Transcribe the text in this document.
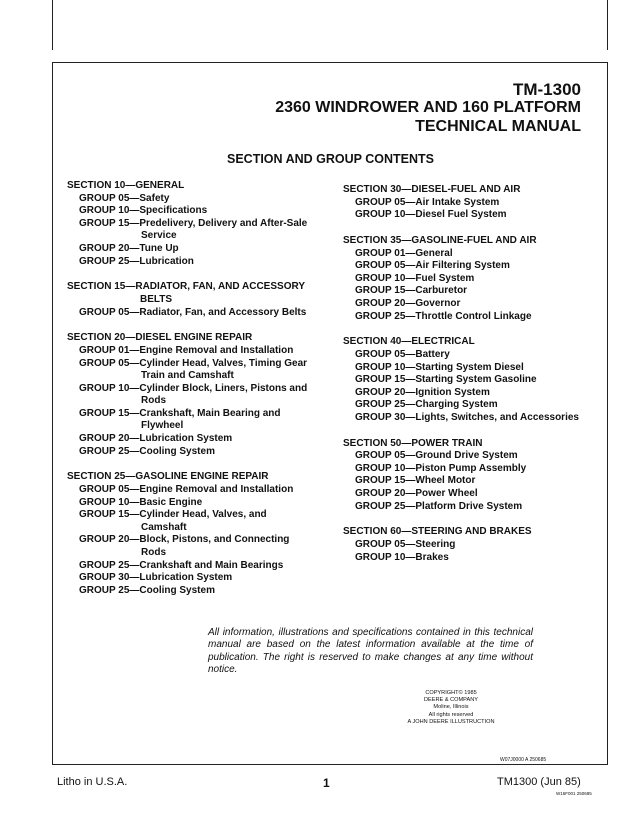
TM-1300
2360 WINDROWER AND 160 PLATFORM
TECHNICAL MANUAL
SECTION AND GROUP CONTENTS
SECTION 10—GENERAL
GROUP 05—Safety
GROUP 10—Specifications
GROUP 15—Predelivery, Delivery and After-Sale
Service
GROUP 20—Tune Up
GROUP 25—Lubrication
SECTION 15—RADIATOR, FAN, AND ACCESSORY
BELTS
GROUP 05—Radiator, Fan, and Accessory Belts
SECTION 20—DIESEL ENGINE REPAIR
GROUP 01—Engine Removal and Installation
GROUP 05—Cylinder Head, Valves, Timing Gear
Train and Camshaft
GROUP 10—Cylinder Block, Liners, Pistons and
Rods
GROUP 15—Crankshaft, Main Bearing and
Flywheel
GROUP 20—Lubrication System
GROUP 25—Cooling System
SECTION 25—GASOLINE ENGINE REPAIR
GROUP 05—Engine Removal and Installation
GROUP 10—Basic Engine
GROUP 15—Cylinder Head, Valves, and
Camshaft
GROUP 20—Block, Pistons, and Connecting
Rods
GROUP 25—Crankshaft and Main Bearings
GROUP 30—Lubrication System
GROUP 25—Cooling System
SECTION 30—DIESEL-FUEL AND AIR
GROUP 05—Air Intake System
GROUP 10—Diesel Fuel System
SECTION 35—GASOLINE-FUEL AND AIR
GROUP 01—General
GROUP 05—Air Filtering System
GROUP 10—Fuel System
GROUP 15—Carburetor
GROUP 20—Governor
GROUP 25—Throttle Control Linkage
SECTION 40—ELECTRICAL
GROUP 05—Battery
GROUP 10—Starting System Diesel
GROUP 15—Starting System Gasoline
GROUP 20—Ignition System
GROUP 25—Charging System
GROUP 30—Lights, Switches, and Accessories
SECTION 50—POWER TRAIN
GROUP 05—Ground Drive System
GROUP 10—Piston Pump Assembly
GROUP 15—Wheel Motor
GROUP 20—Power Wheel
GROUP 25—Platform Drive System
SECTION 60—STEERING AND BRAKES
GROUP 05—Steering
GROUP 10—Brakes
All information, illustrations and specifications contained in this technical manual are based on the latest information available at the time of publication. The right is reserved to make changes at any time without notice.
COPYRIGHT© 1985
DEERE & COMPANY
Moline, Illinois
All rights reserved
A JOHN DEERE ILLUSTRUCTION
W07J0000 A 250685
Litho in U.S.A.	1	TM1300 (Jun 85)
W16F001 250685
